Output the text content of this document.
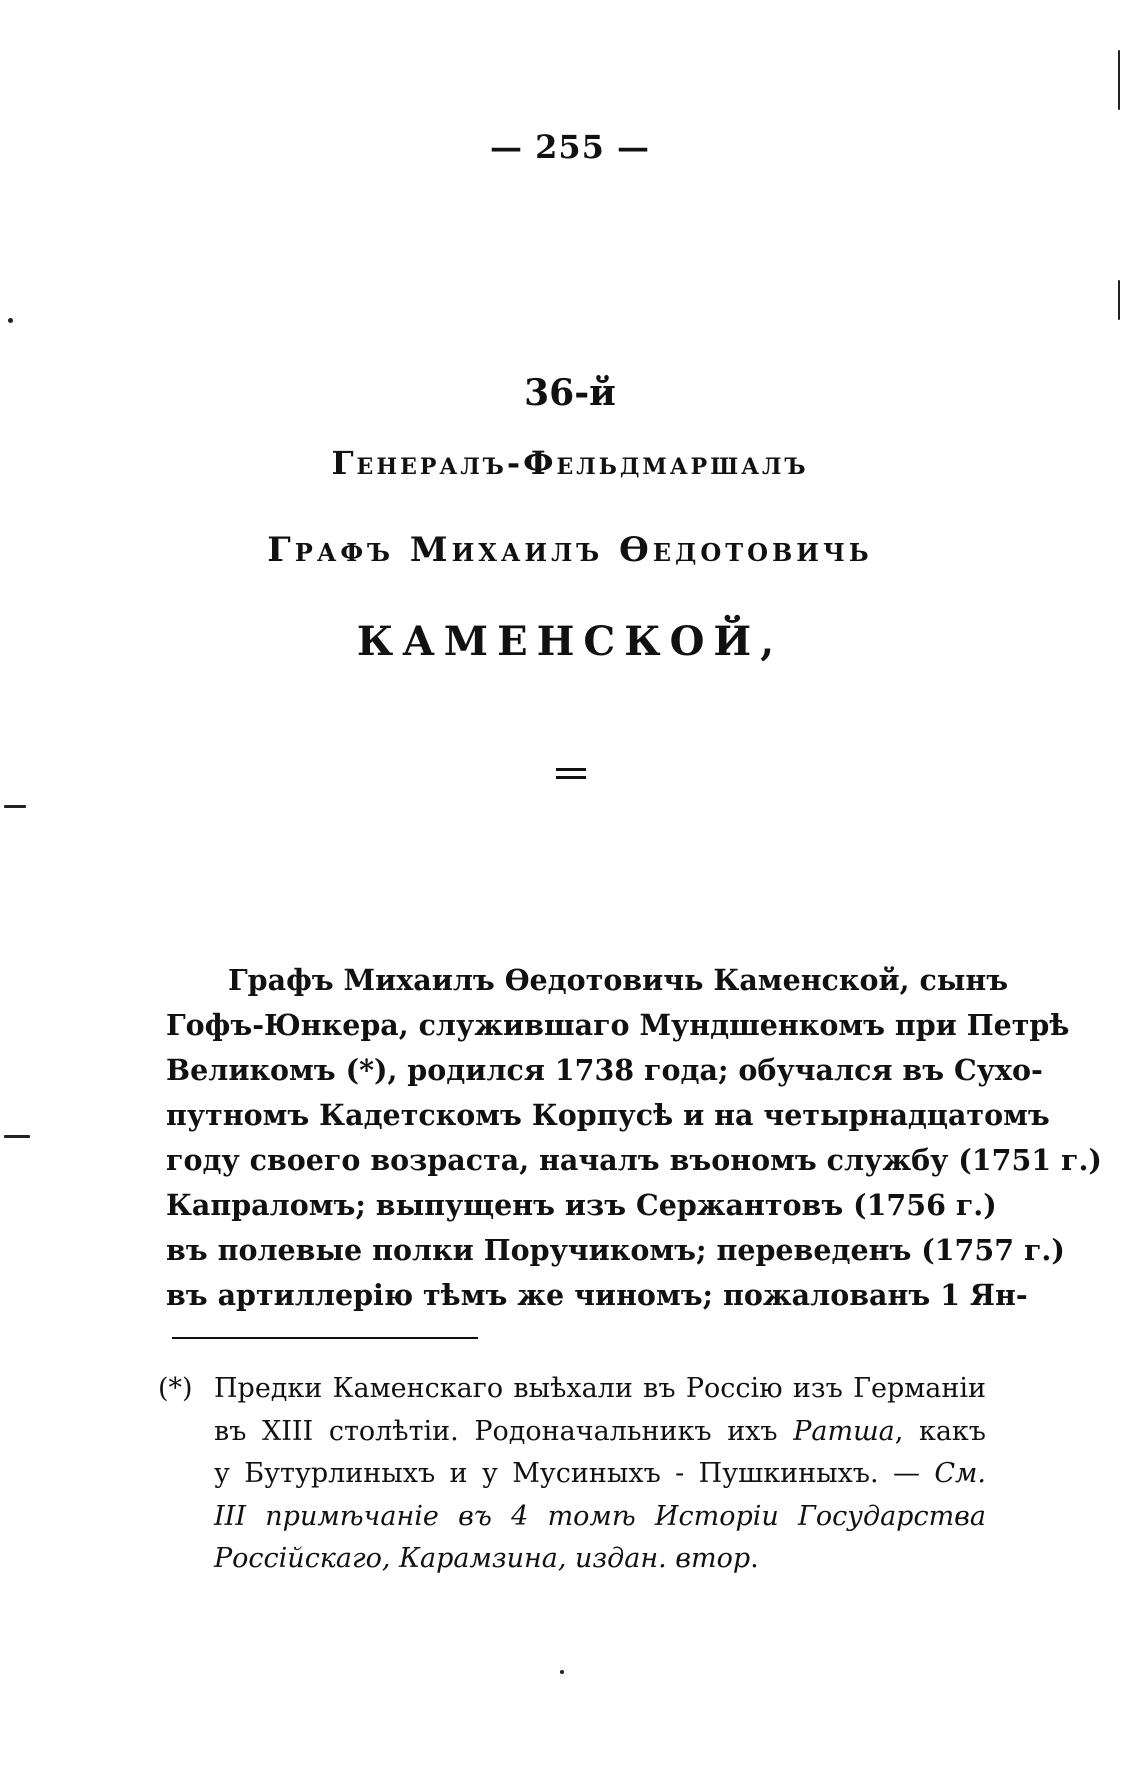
— 255 —
36-й
Генералъ-Фельдмаршалъ
Графъ Михаилъ Ѳедотовичь
КАМЕНСКОЙ,
Графъ Михаилъ Ѳедотовичь Каменской, сынъ
Гофъ-Юнкера, служившаго Мундшенкомъ при Петрѣ
Великомъ (*), родился 1738 года; обучался въ Сухо-
путномъ Кадетскомъ Корпусѣ и на четырнадцатомъ
году своего возраста, началъ въономъ службу (1751 г.)
Капраломъ; выпущенъ изъ Сержантовъ (1756 г.)
въ полевые полки Поручикомъ; переведенъ (1757 г.)
въ артиллерію тѣмъ же чиномъ; пожалованъ 1 Ян-
(*) Предки Каменскаго выѣхали въ Россію изъ Германіи
въ XIII столѣтіи. Родоначальникъ ихъ Ратша, какъ
у Бутурлиныхъ и у Мусиныхъ - Пушкиныхъ. — См.
III примѣчаніе въ 4 томѣ Исторіи Государства
Россійскаго, Карамзина, издан. втор.
